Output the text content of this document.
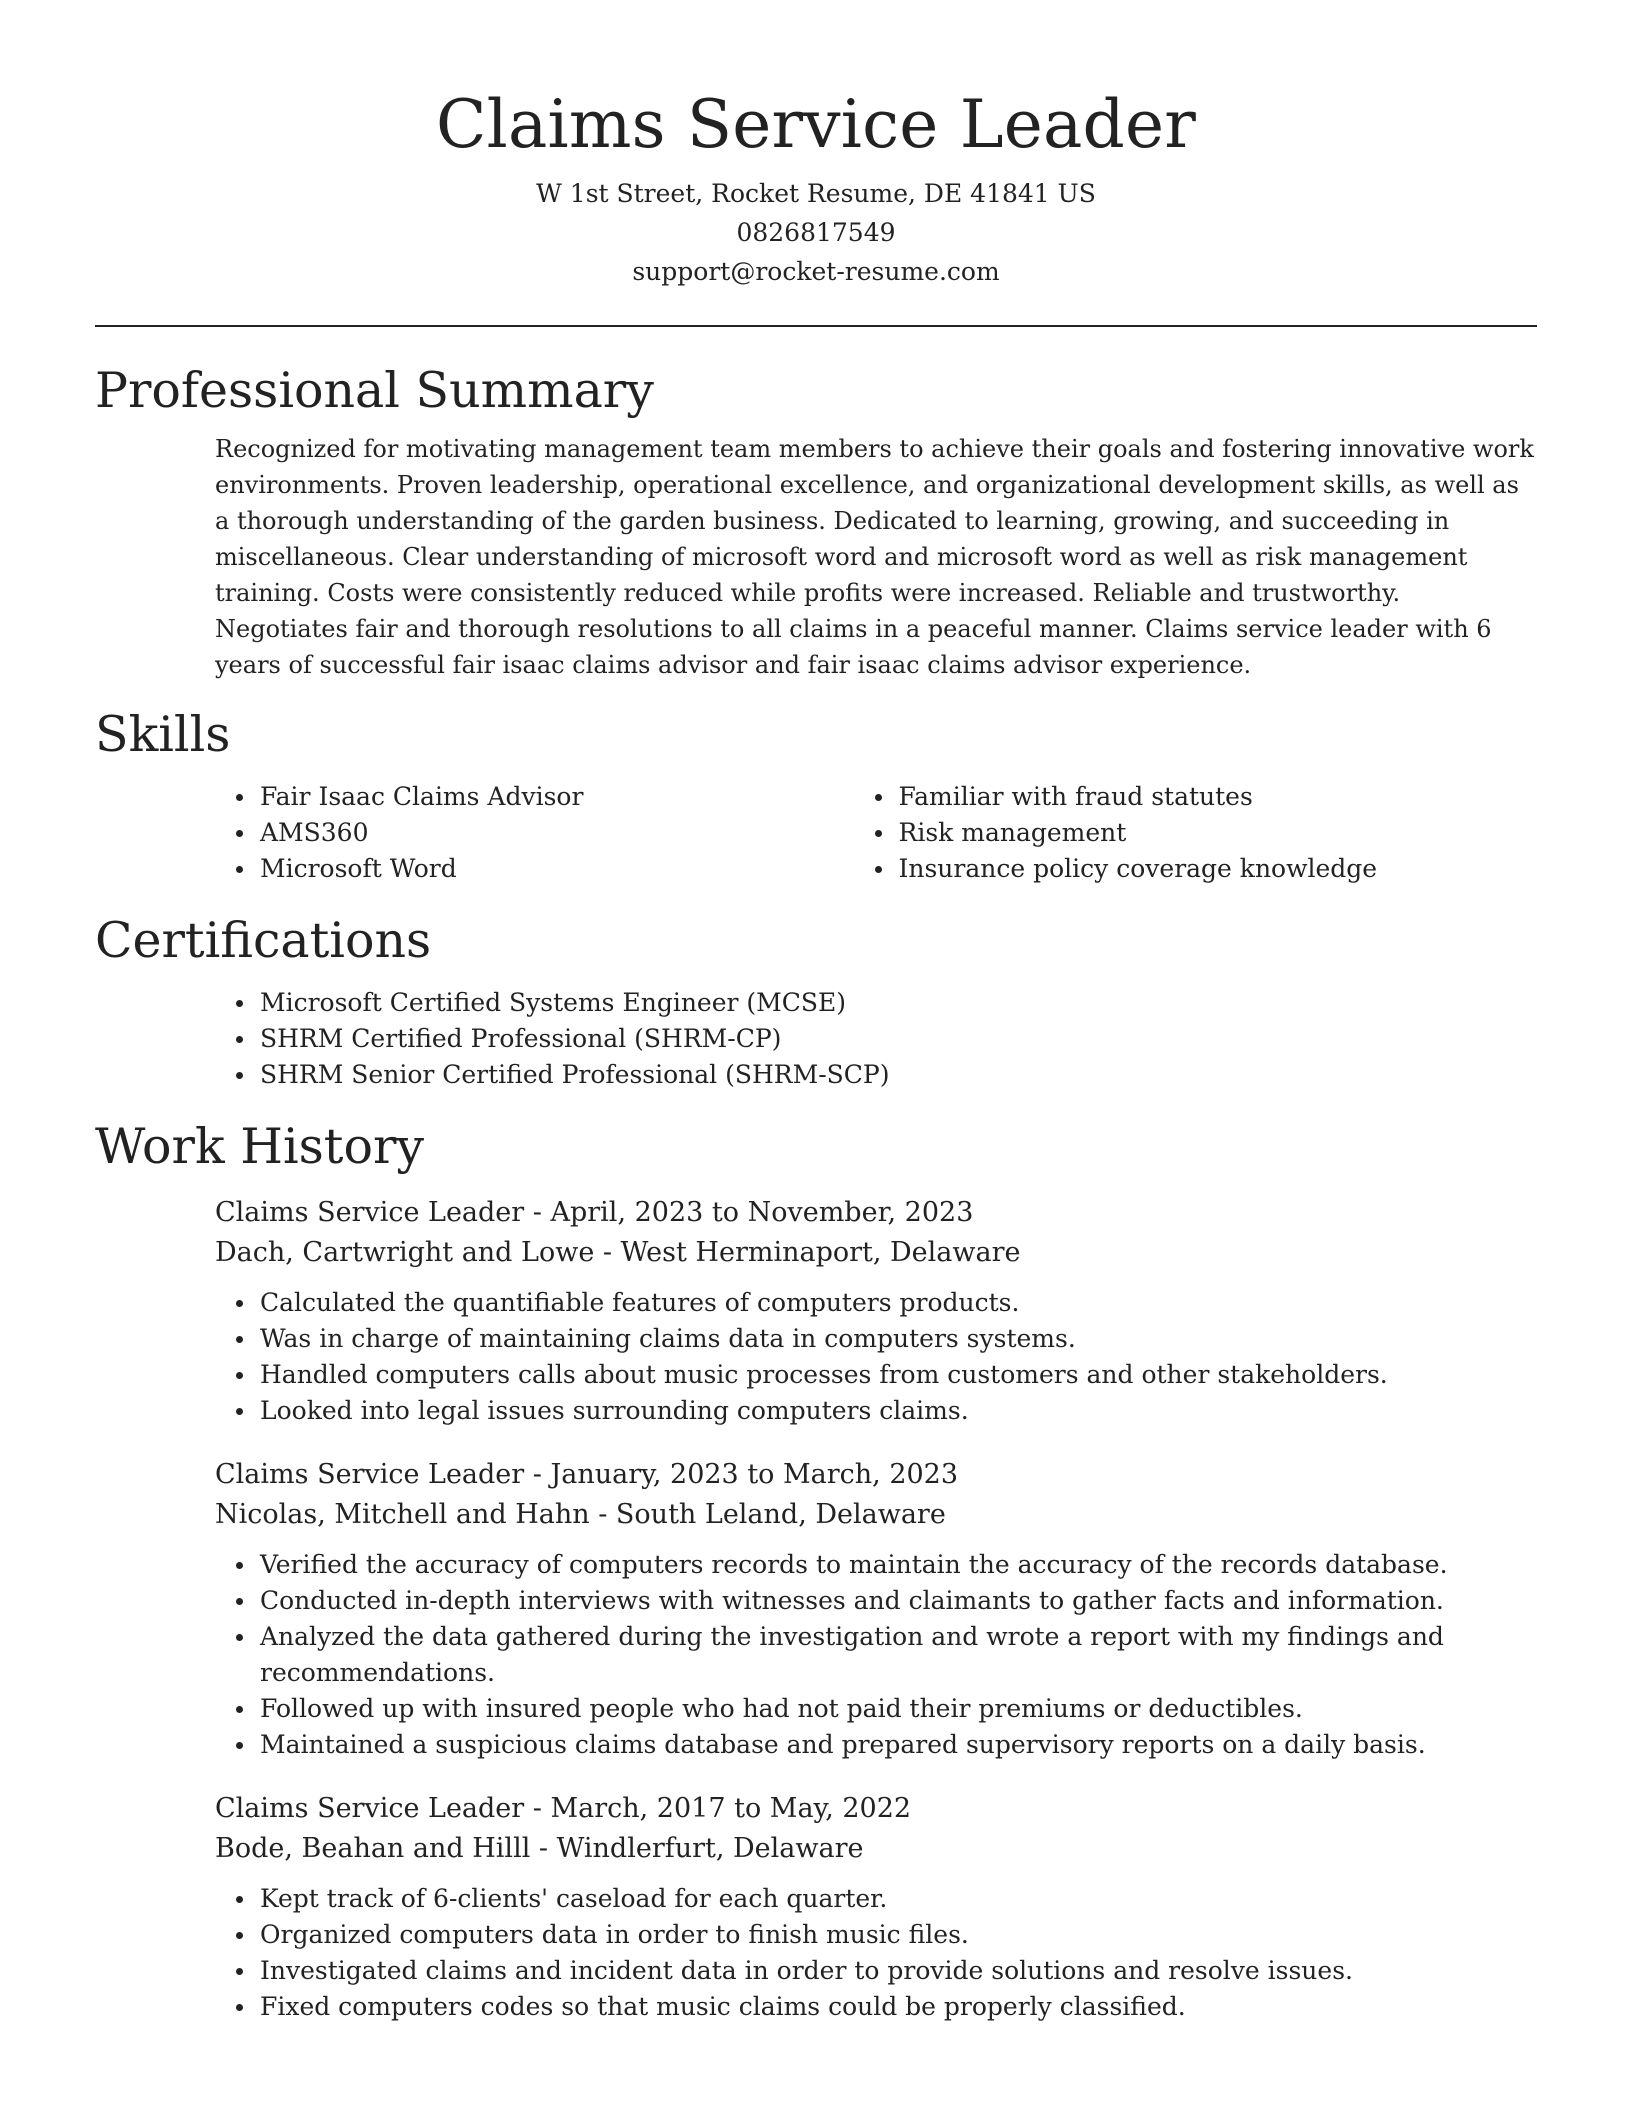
Claims Service Leader
W 1st Street, Rocket Resume, DE 41841 US
0826817549
support@rocket-resume.com
Professional Summary
Recognized for motivating management team members to achieve their goals and fostering innovative work environments. Proven leadership, operational excellence, and organizational development skills, as well as a thorough understanding of the garden business. Dedicated to learning, growing, and succeeding in miscellaneous. Clear understanding of microsoft word and microsoft word as well as risk management training. Costs were consistently reduced while profits were increased. Reliable and trustworthy. Negotiates fair and thorough resolutions to all claims in a peaceful manner. Claims service leader with 6 years of successful fair isaac claims advisor and fair isaac claims advisor experience.
Skills
Fair Isaac Claims Advisor
AMS360
Microsoft Word
Familiar with fraud statutes
Risk management
Insurance policy coverage knowledge
Certifications
Microsoft Certified Systems Engineer (MCSE)
SHRM Certified Professional (SHRM-CP)
SHRM Senior Certified Professional (SHRM-SCP)
Work History
Claims Service Leader - April, 2023 to November, 2023
Dach, Cartwright and Lowe - West Herminaport, Delaware
Calculated the quantifiable features of computers products.
Was in charge of maintaining claims data in computers systems.
Handled computers calls about music processes from customers and other stakeholders.
Looked into legal issues surrounding computers claims.
Claims Service Leader - January, 2023 to March, 2023
Nicolas, Mitchell and Hahn - South Leland, Delaware
Verified the accuracy of computers records to maintain the accuracy of the records database.
Conducted in-depth interviews with witnesses and claimants to gather facts and information.
Analyzed the data gathered during the investigation and wrote a report with my findings and recommendations.
Followed up with insured people who had not paid their premiums or deductibles.
Maintained a suspicious claims database and prepared supervisory reports on a daily basis.
Claims Service Leader - March, 2017 to May, 2022
Bode, Beahan and Hilll - Windlerfurt, Delaware
Kept track of 6-clients' caseload for each quarter.
Organized computers data in order to finish music files.
Investigated claims and incident data in order to provide solutions and resolve issues.
Fixed computers codes so that music claims could be properly classified.
